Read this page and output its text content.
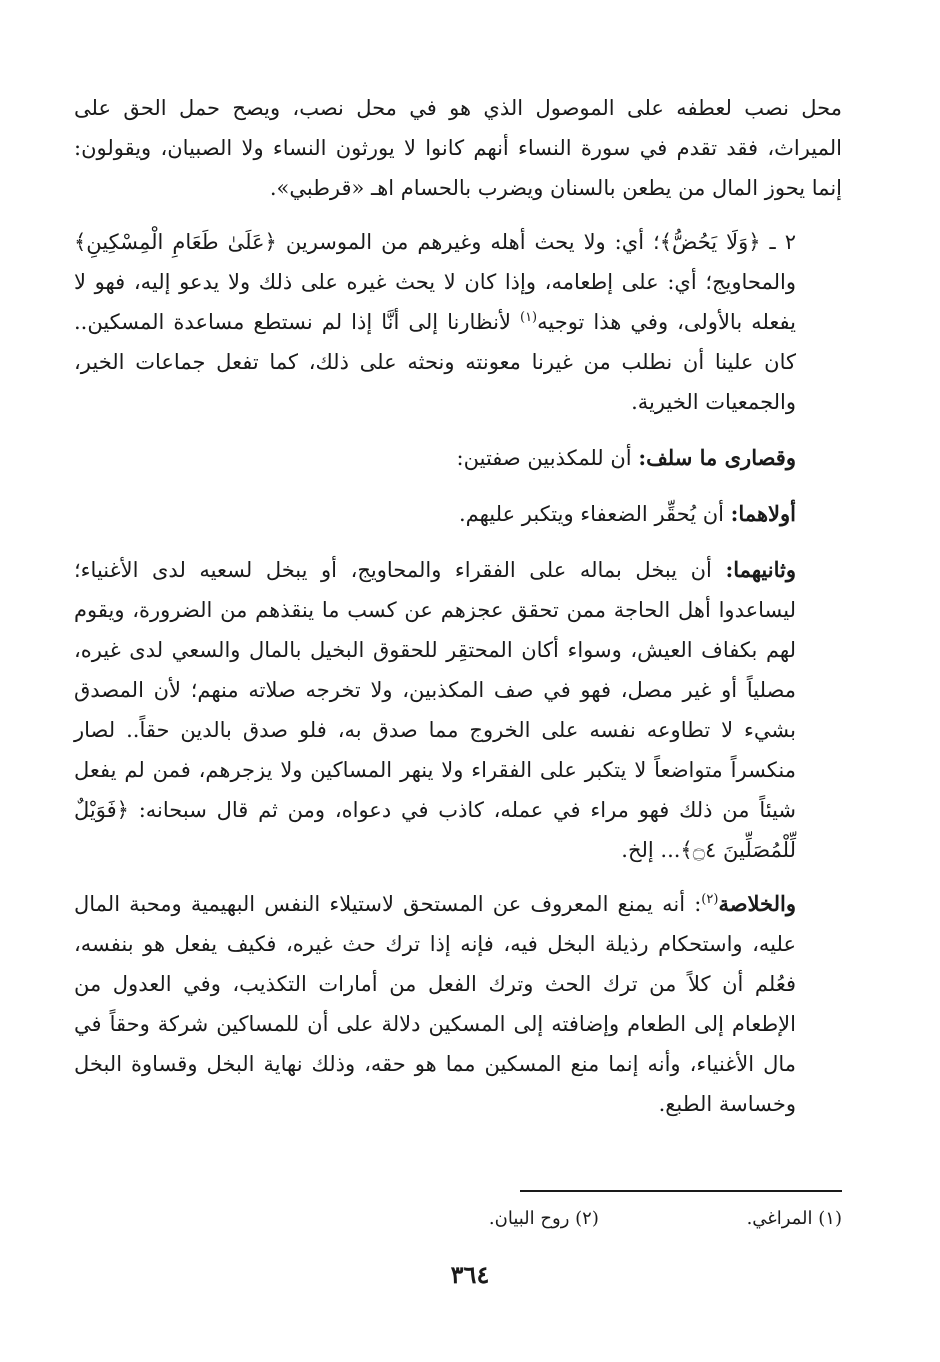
محل نصب لعطفه على الموصول الذي هو في محل نصب، ويصح حمل الحق على الميراث، فقد تقدم في سورة النساء أنهم كانوا لا يورثون النساء ولا الصبيان، ويقولون: إنما يحوز المال من يطعن بالسنان ويضرب بالحسام اهـ «قرطبي».

٢ ـ ﴿وَلَا يَحُضُّ﴾؛ أي: ولا يحث أهله وغيرهم من الموسرين ﴿عَلَىٰ طَعَامِ الْمِسْكِينِ﴾ والمحاويج؛ أي: على إطعامه، وإذا كان لا يحث غيره على ذلك ولا يدعو إليه، فهو لا يفعله بالأولى، وفي هذا توجيه$^{(١)}$ لأنظارنا إلى أنَّا إذا لم نستطع مساعدة المسكين.. كان علينا أن نطلب من غيرنا معونته ونحثه على ذلك، كما تفعل جماعات الخير، والجمعيات الخيرية.

وقصارى ما سلف: أن للمكذبين صفتين:

أولاهما: أن يُحقِّر الضعفاء ويتكبر عليهم.

وثانيهما: أن يبخل بماله على الفقراء والمحاويج، أو يبخل لسعيه لدى الأغنياء؛ ليساعدوا أهل الحاجة ممن تحقق عجزهم عن كسب ما ينقذهم من الضرورة، ويقوم لهم بكفاف العيش، وسواء أكان المحتقِر للحقوق البخيل بالمال والسعي لدى غيره، مصلياً أو غير مصل، فهو في صف المكذبين، ولا تخرجه صلاته منهم؛ لأن المصدق بشيء لا تطاوعه نفسه على الخروج مما صدق به، فلو صدق بالدين حقاً.. لصار منكسراً متواضعاً لا يتكبر على الفقراء ولا ينهر المساكين ولا يزجرهم، فمن لم يفعل شيئاً من ذلك فهو مراء في عمله، كاذب في دعواه، ومن ثم قال سبحانه: ﴿فَوَيْلٌ لِّلْمُصَلِّينَ ۝٤﴾... إلخ.

والخلاصة$^{(٢)}$: أنه يمنع المعروف عن المستحق لاستيلاء النفس البهيمية ومحبة المال عليه، واستحكام رذيلة البخل فيه، فإنه إذا ترك حث غيره، فكيف يفعل هو بنفسه، فعُلم أن كلاً من ترك الحث وترك الفعل من أمارات التكذيب، وفي العدول من الإطعام إلى الطعام وإضافته إلى المسكين دلالة على أن للمساكين شركة وحقاً في مال الأغنياء، وأنه إنما منع المسكين مما هو حقه، وذلك نهاية البخل وقساوة البخل وخساسة الطبع.

(١) المراغي. (٢) روح البيان.
٣٦٤
